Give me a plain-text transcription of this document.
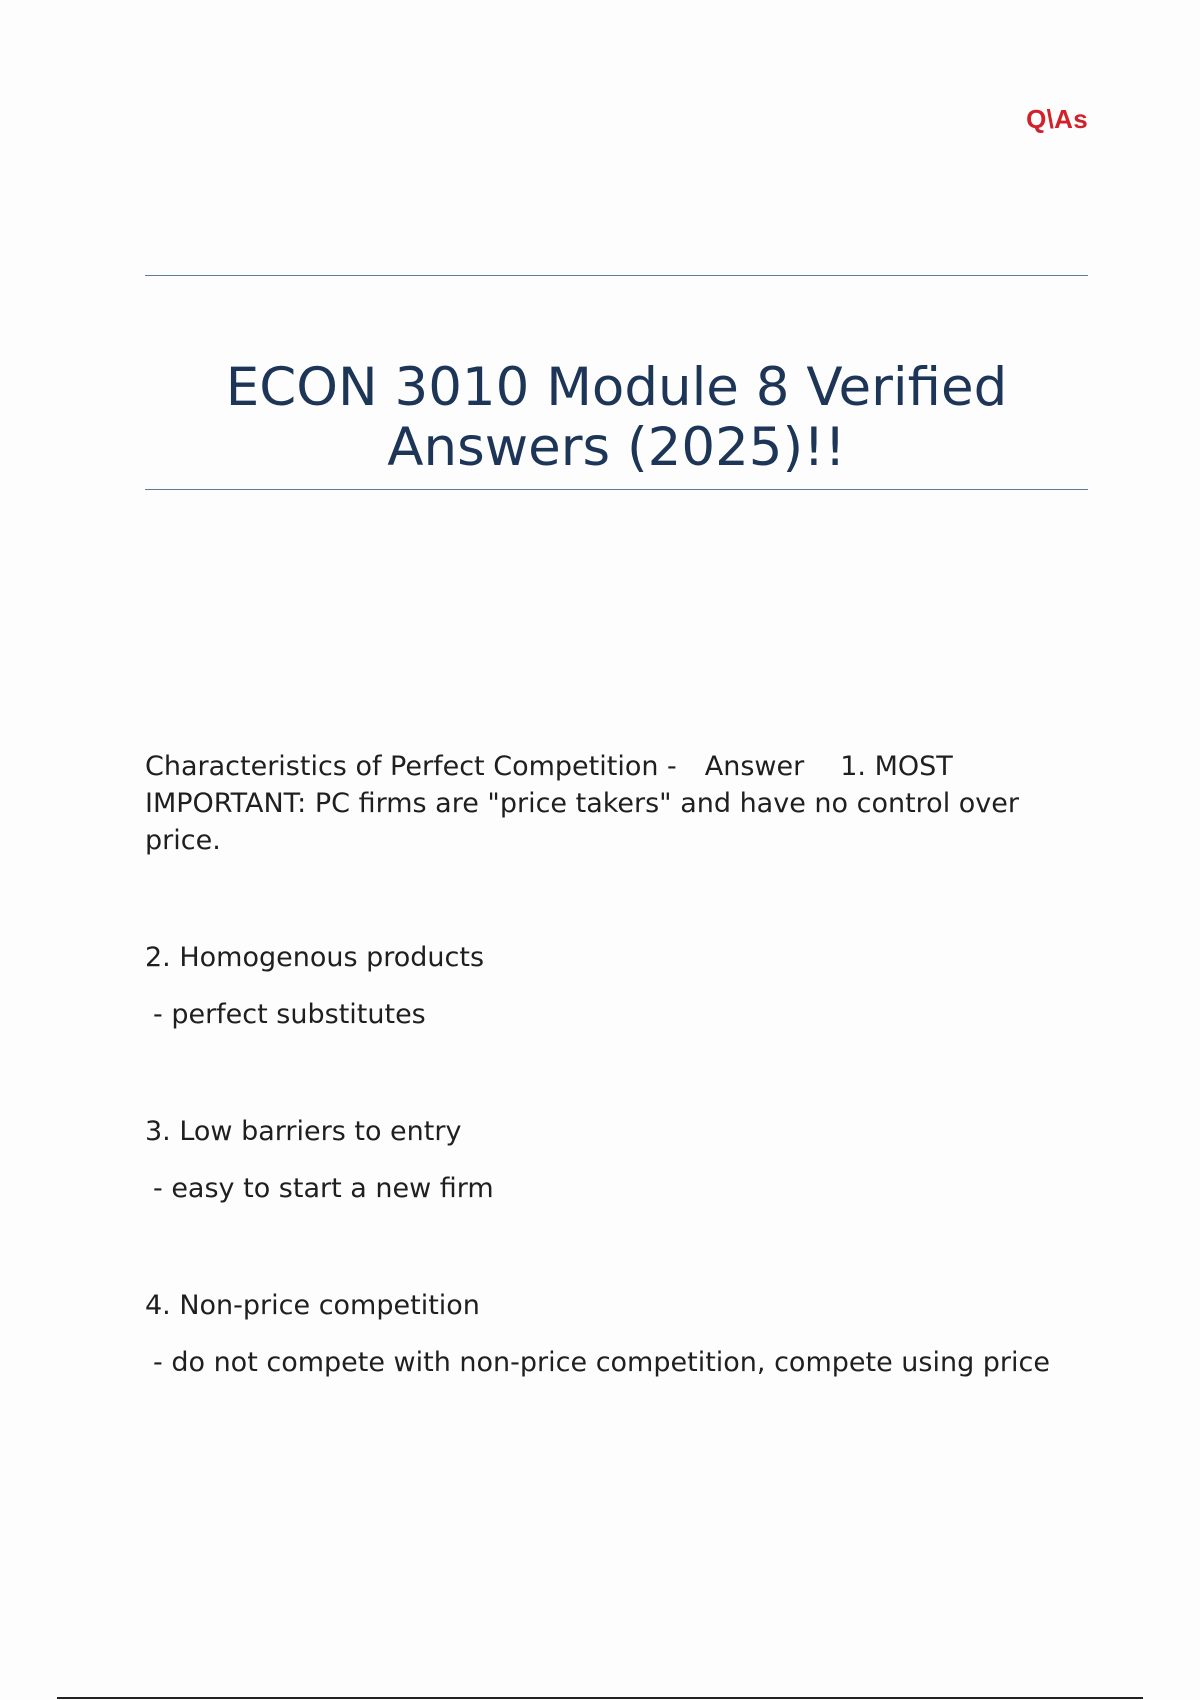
Q\As
ECON 3010 Module 8 Verified Answers (2025)!!

Characteristics of Perfect Competition - Answer 1. MOST IMPORTANT: PC firms are "price takers" and have no control over price.

2. Homogenous products

- perfect substitutes

3. Low barriers to entry

- easy to start a new firm

4. Non-price competition

- do not compete with non-price competition, compete using price
